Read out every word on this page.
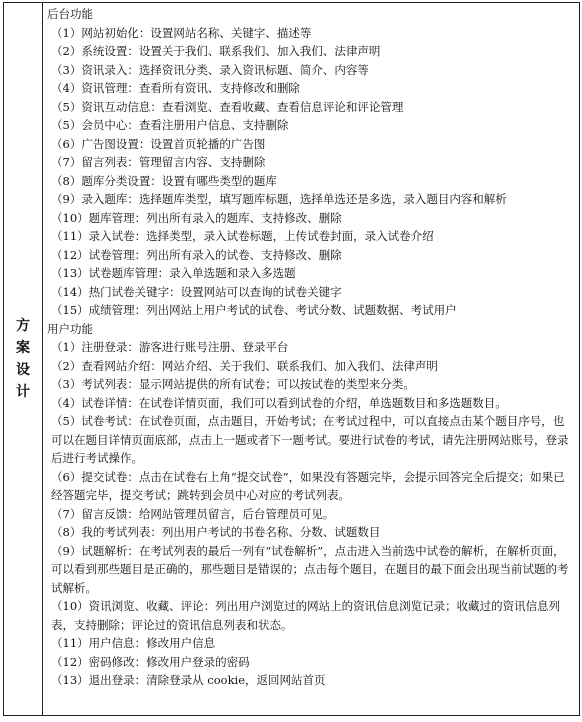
方
案
设
计
后台功能
（1）网站初始化：设置网站名称、关键字、描述等
（2）系统设置：设置关于我们、联系我们、加入我们、法律声明
（3）资讯录入：选择资讯分类、录入资讯标题、简介、内容等
（4）资讯管理：查看所有资讯、支持修改和删除
（5）资讯互动信息：查看浏览、查看收藏、查看信息评论和评论管理
（5）会员中心：查看注册用户信息、支持删除
（6）广告图设置：设置首页轮播的广告图
（7）留言列表：管理留言内容、支持删除
（8）题库分类设置：设置有哪些类型的题库
（9）录入题库：选择题库类型，填写题库标题，选择单选还是多选，录入题目内容和解析
（10）题库管理：列出所有录入的题库、支持修改、删除
（11）录入试卷：选择类型，录入试卷标题，上传试卷封面，录入试卷介绍
（12）试卷管理：列出所有录入的试卷、支持修改、删除
（13）试卷题库管理：录入单选题和录入多选题
（14）热门试卷关键字：设置网站可以查询的试卷关键字
（15）成绩管理：列出网站上用户考试的试卷、考试分数、试题数据、考试用户
用户功能
（1）注册登录：游客进行账号注册、登录平台
（2）查看网站介绍：网站介绍、关于我们、联系我们、加入我们、法律声明
（3）考试列表：显示网站提供的所有试卷；可以按试卷的类型来分类。
（4）试卷详情：在试卷详情页面，我们可以看到试卷的介绍，单选题数目和多选题数目。
（5）试卷考试：在试卷页面，点击题目，开始考试；在考试过程中，可以直接点击某个题目序号，也可以在题目详情页面底部，点击上一题或者下一题考试。要进行试卷的考试，请先注册网站账号，登录后进行考试操作。
（6）提交试卷：点击在试卷右上角“提交试卷”，如果没有答题完毕，会提示回答完全后提交；如果已经答题完毕，提交考试；跳转到会员中心对应的考试列表。
（7）留言反馈：给网站管理员留言，后台管理员可见。
（8）我的考试列表：列出用户考试的书卷名称、分数、试题数目
（9）试题解析：在考试列表的最后一列有“试卷解析”，点击进入当前选中试卷的解析，在解析页面，可以看到那些题目是正确的，那些题目是错误的；点击每个题目，在题目的最下面会出现当前试题的考试解析。
（10）资讯浏览、收藏、评论：列出用户浏览过的网站上的资讯信息浏览记录；收藏过的资讯信息列表，支持删除；评论过的资讯信息列表和状态。
（11）用户信息：修改用户信息
（12）密码修改：修改用户登录的密码
（13）退出登录：清除登录从 cookie，返回网站首页
